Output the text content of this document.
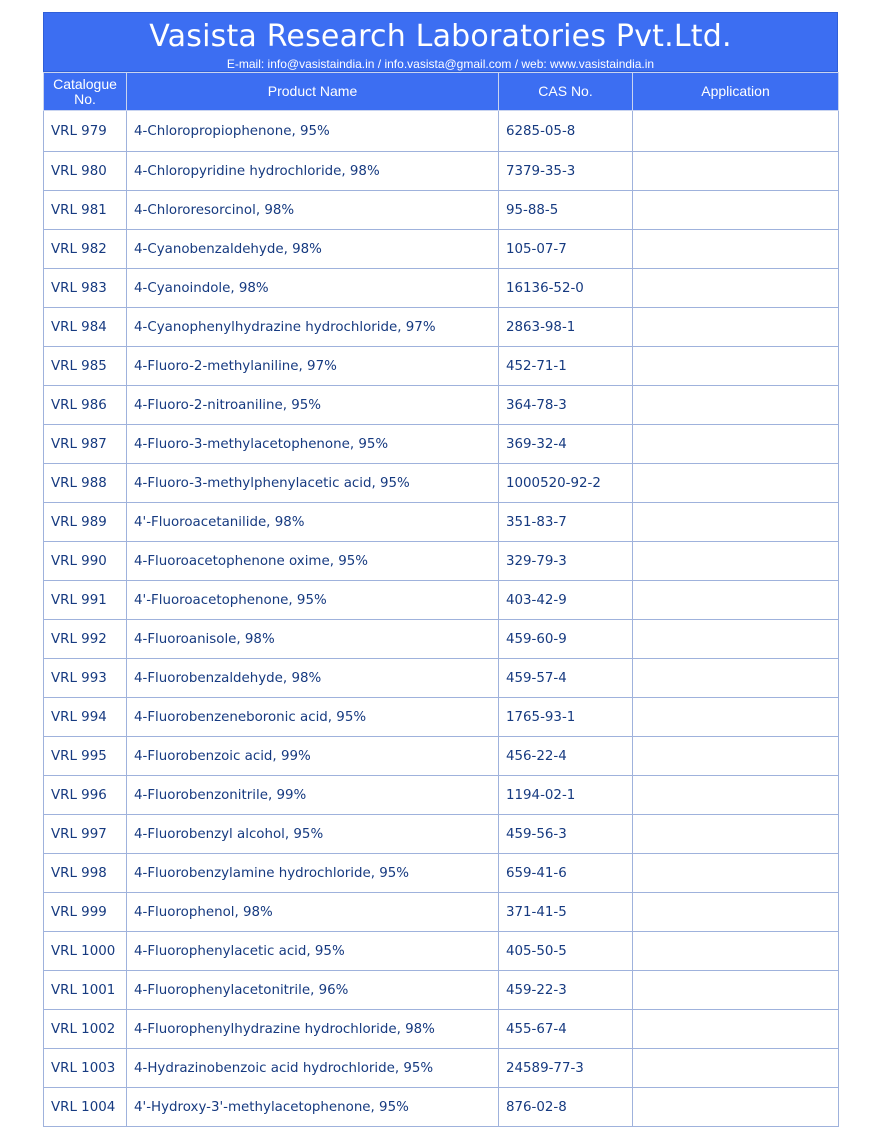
Vasista Research Laboratories Pvt.Ltd.
E-mail: info@vasistaindia.in / info.vasista@gmail.com / web: www.vasistaindia.in
Catalogue No.	Product Name	CAS No.	Application
VRL 979	4-Chloropropiophenone, 95%	6285-05-8	
VRL 980	4-Chloropyridine hydrochloride, 98%	7379-35-3	
VRL 981	4-Chlororesorcinol, 98%	95-88-5	
VRL 982	4-Cyanobenzaldehyde, 98%	105-07-7	
VRL 983	4-Cyanoindole, 98%	16136-52-0	
VRL 984	4-Cyanophenylhydrazine hydrochloride, 97%	2863-98-1	
VRL 985	4-Fluoro-2-methylaniline, 97%	452-71-1	
VRL 986	4-Fluoro-2-nitroaniline, 95%	364-78-3	
VRL 987	4-Fluoro-3-methylacetophenone, 95%	369-32-4	
VRL 988	4-Fluoro-3-methylphenylacetic acid, 95%	1000520-92-2	
VRL 989	4'-Fluoroacetanilide, 98%	351-83-7	
VRL 990	4-Fluoroacetophenone oxime, 95%	329-79-3	
VRL 991	4'-Fluoroacetophenone, 95%	403-42-9	
VRL 992	4-Fluoroanisole, 98%	459-60-9	
VRL 993	4-Fluorobenzaldehyde, 98%	459-57-4	
VRL 994	4-Fluorobenzeneboronic acid, 95%	1765-93-1	
VRL 995	4-Fluorobenzoic acid, 99%	456-22-4	
VRL 996	4-Fluorobenzonitrile, 99%	1194-02-1	
VRL 997	4-Fluorobenzyl alcohol, 95%	459-56-3	
VRL 998	4-Fluorobenzylamine hydrochloride, 95%	659-41-6	
VRL 999	4-Fluorophenol, 98%	371-41-5	
VRL 1000	4-Fluorophenylacetic acid, 95%	405-50-5	
VRL 1001	4-Fluorophenylacetonitrile, 96%	459-22-3	
VRL 1002	4-Fluorophenylhydrazine hydrochloride, 98%	455-67-4	
VRL 1003	4-Hydrazinobenzoic acid hydrochloride, 95%	24589-77-3	
VRL 1004	4'-Hydroxy-3'-methylacetophenone, 95%	876-02-8	
